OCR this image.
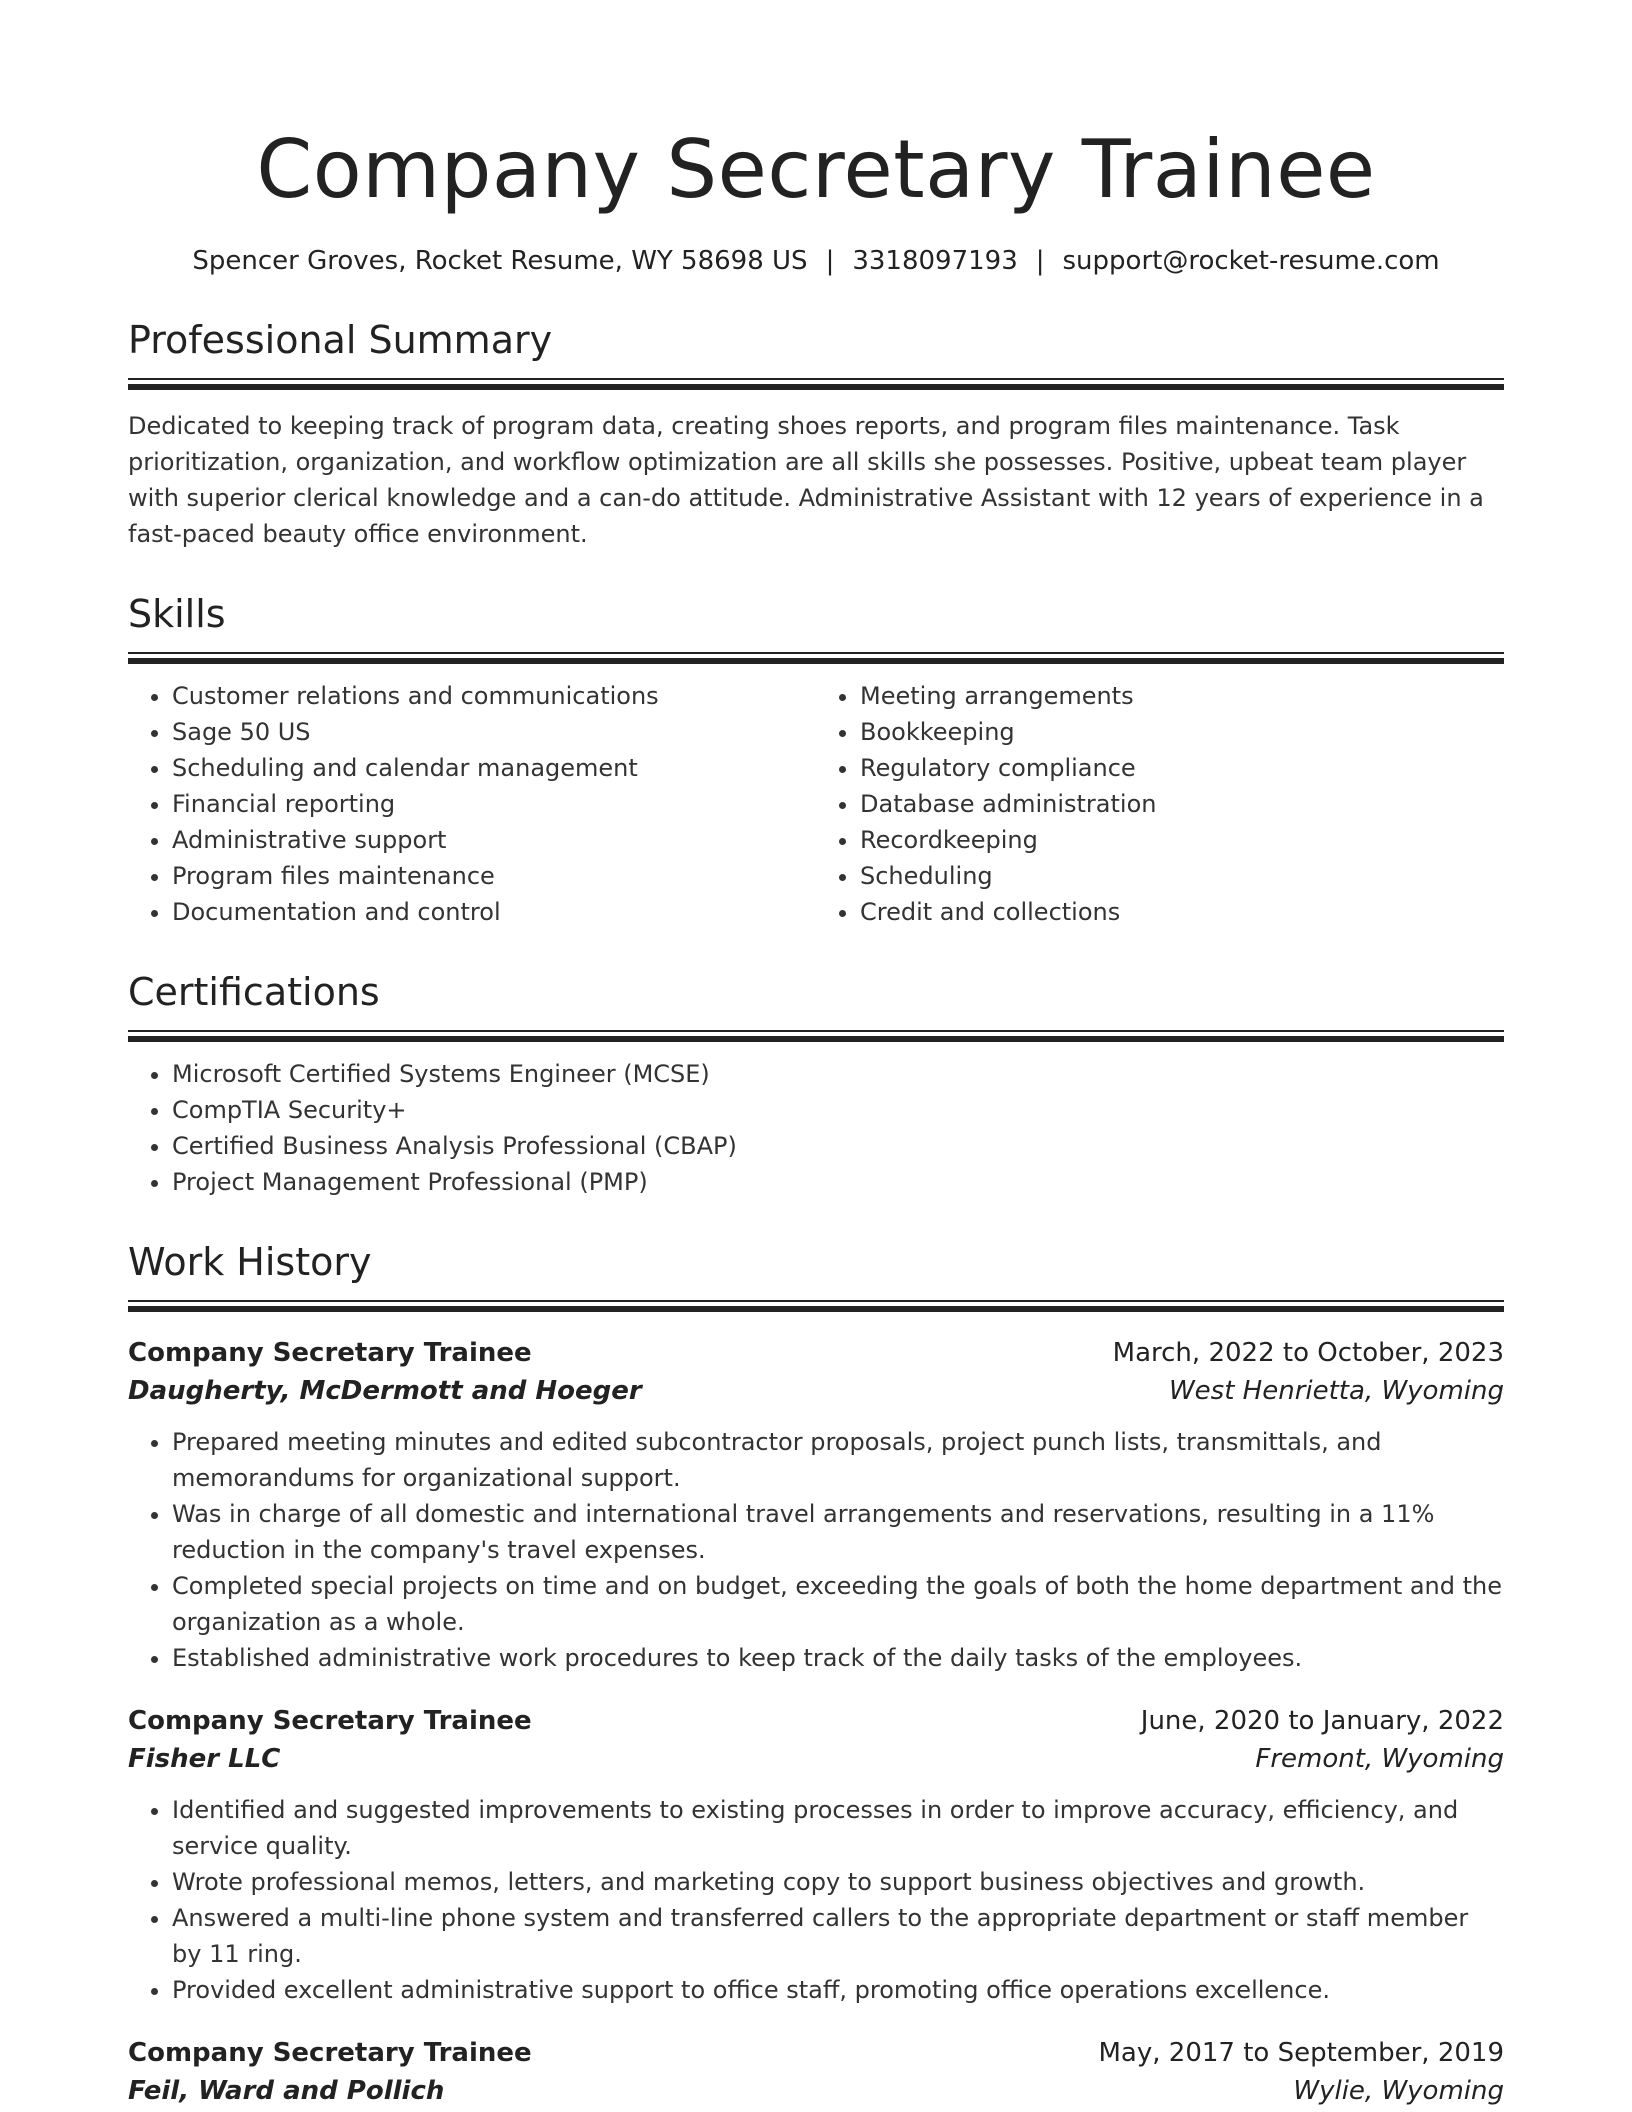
Company Secretary Trainee
Spencer Groves, Rocket Resume, WY 58698 US | 3318097193 | support@rocket-resume.com
Professional Summary
Dedicated to keeping track of program data, creating shoes reports, and program files maintenance. Task prioritization, organization, and workflow optimization are all skills she possesses. Positive, upbeat team player with superior clerical knowledge and a can-do attitude. Administrative Assistant with 12 years of experience in a fast-paced beauty office environment.
Skills
• Customer relations and communications
• Sage 50 US
• Scheduling and calendar management
• Financial reporting
• Administrative support
• Program files maintenance
• Documentation and control
• Meeting arrangements
• Bookkeeping
• Regulatory compliance
• Database administration
• Recordkeeping
• Scheduling
• Credit and collections
Certifications
• Microsoft Certified Systems Engineer (MCSE)
• CompTIA Security+
• Certified Business Analysis Professional (CBAP)
• Project Management Professional (PMP)
Work History
Company Secretary Trainee	March, 2022 to October, 2023
Daugherty, McDermott and Hoeger	West Henrietta, Wyoming
• Prepared meeting minutes and edited subcontractor proposals, project punch lists, transmittals, and memorandums for organizational support.
• Was in charge of all domestic and international travel arrangements and reservations, resulting in a 11% reduction in the company's travel expenses.
• Completed special projects on time and on budget, exceeding the goals of both the home department and the organization as a whole.
• Established administrative work procedures to keep track of the daily tasks of the employees.
Company Secretary Trainee	June, 2020 to January, 2022
Fisher LLC	Fremont, Wyoming
• Identified and suggested improvements to existing processes in order to improve accuracy, efficiency, and service quality.
• Wrote professional memos, letters, and marketing copy to support business objectives and growth.
• Answered a multi-line phone system and transferred callers to the appropriate department or staff member by 11 ring.
• Provided excellent administrative support to office staff, promoting office operations excellence.
Company Secretary Trainee	May, 2017 to September, 2019
Feil, Ward and Pollich	Wylie, Wyoming
